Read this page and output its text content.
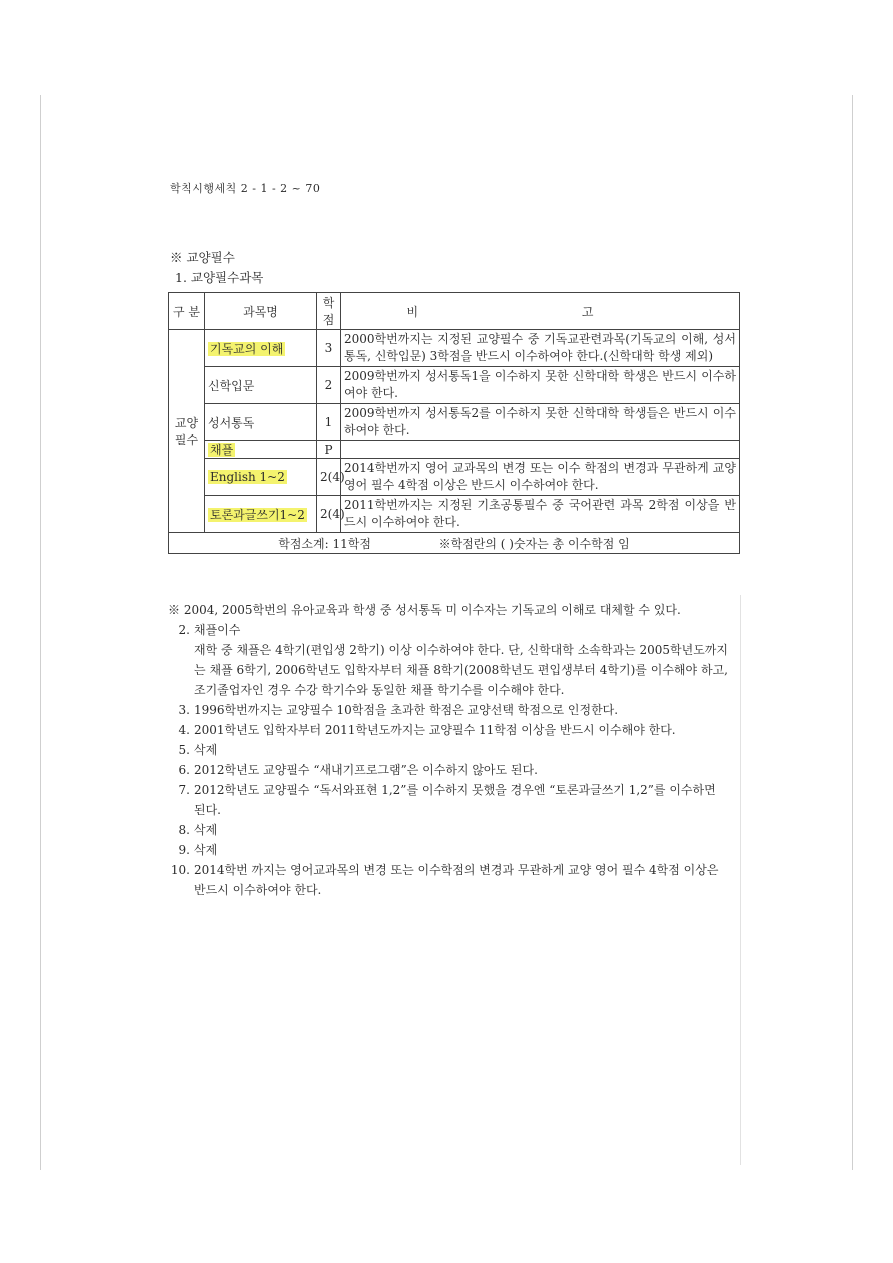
학칙시행세칙 2 - 1 - 2 ~ 70
※ 교양필수
1. 교양필수과목
구 분	과목명	학점	비 고
교양
필수	기독교의 이해	3	2000학번까지는 지정된 교양필수 중 기독교관련과목(기독교의 이해, 성서통독, 신학입문) 3학점을 반드시 이수하여야 한다.(신학대학 학생 제외)
	신학입문	2	2009학번까지 성서통독1을 이수하지 못한 신학대학 학생은 반드시 이수하여야 한다.
	성서통독	1	2009학번까지 성서통독2를 이수하지 못한 신학대학 학생들은 반드시 이수하여야 한다.
	채플	P	
	English 1~2	2(4)	2014학번까지 영어 교과목의 변경 또는 이수 학점의 변경과 무관하게 교양 영어 필수 4학점 이상은 반드시 이수하여야 한다.
	토론과글쓰기1~2	2(4)	2011학번까지는 지정된 기초공통필수 중 국어관련 과목 2학점 이상을 반드시 이수하여야 한다.
학점소계: 11학점 ※학점란의 ( )숫자는 총 이수학점 임			

※ 2004, 2005학번의 유아교육과 학생 중 성서통독 미 이수자는 기독교의 이해로 대체할 수 있다.

2. 채플이수

재학 중 채플은 4학기(편입생 2학기) 이상 이수하여야 한다. 단, 신학대학 소속학과는 2005학년도까지는 채플 6학기, 2006학년도 입학자부터 채플 8학기(2008학년도 편입생부터 4학기)를 이수해야 하고, 조기졸업자인 경우 수강 학기수와 동일한 채플 학기수를 이수해야 한다.

3. 1996학번까지는 교양필수 10학점을 초과한 학점은 교양선택 학점으로 인정한다.
4. 2001학년도 입학자부터 2011학년도까지는 교양필수 11학점 이상을 반드시 이수해야 한다.
5. 삭제
6. 2012학년도 교양필수 “새내기프로그램”은 이수하지 않아도 된다.
7. 2012학년도 교양필수 “독서와표현 1,2”를 이수하지 못했을 경우엔 “토론과글쓰기 1,2”를 이수하면 된다.
8. 삭제
9. 삭제
10. 2014학번 까지는 영어교과목의 변경 또는 이수학점의 변경과 무관하게 교양 영어 필수 4학점 이상은 반드시 이수하여야 한다.
